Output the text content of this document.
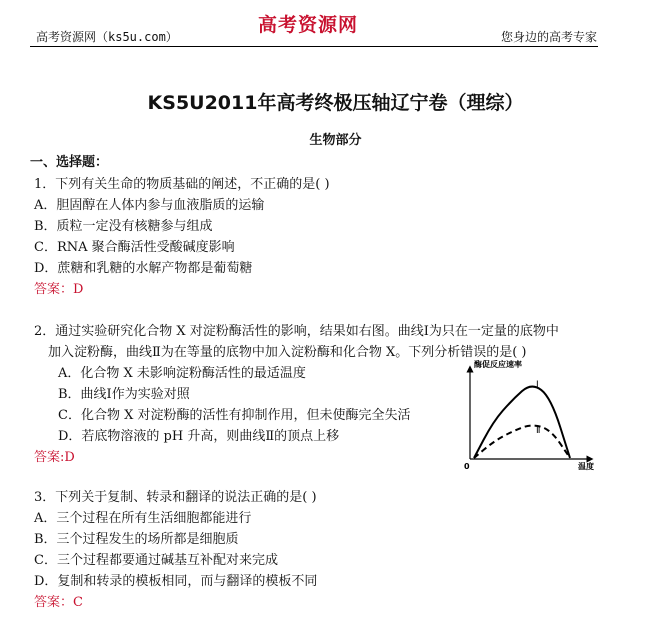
高考资源网（ks5u.com）
高考资源网
您身边的高考专家
KS5U2011年高考终极压轴辽宁卷（理综）
生物部分
一、选择题：
1．下列有关生命的物质基础的阐述，不正确的是( )
A．胆固醇在人体内参与血液脂质的运输
B．质粒一定没有核糖参与组成
C．RNA 聚合酶活性受酸碱度影响
D．蔗糖和乳糖的水解产物都是葡萄糖
答案：D
2．通过实验研究化合物 X 对淀粉酶活性的影响，结果如右图。曲线Ⅰ为只在一定量的底物中
加入淀粉酶，曲线Ⅱ为在等量的底物中加入淀粉酶和化合物 X。下列分析错误的是( )
A．化合物 X 未影响淀粉酶活性的最适温度
B．曲线Ⅰ作为实验对照
C．化合物 X 对淀粉酶的活性有抑制作用，但未使酶完全失活
D．若底物溶液的 pH 升高，则曲线Ⅱ的顶点上移
答案:D
酶促反应速率
温度
0
Ⅰ
Ⅱ
3．下列关于复制、转录和翻译的说法正确的是( )
A．三个过程在所有生活细胞都能进行
B．三个过程发生的场所都是细胞质
C．三个过程都要通过碱基互补配对来完成
D．复制和转录的模板相同，而与翻译的模板不同
答案：C
